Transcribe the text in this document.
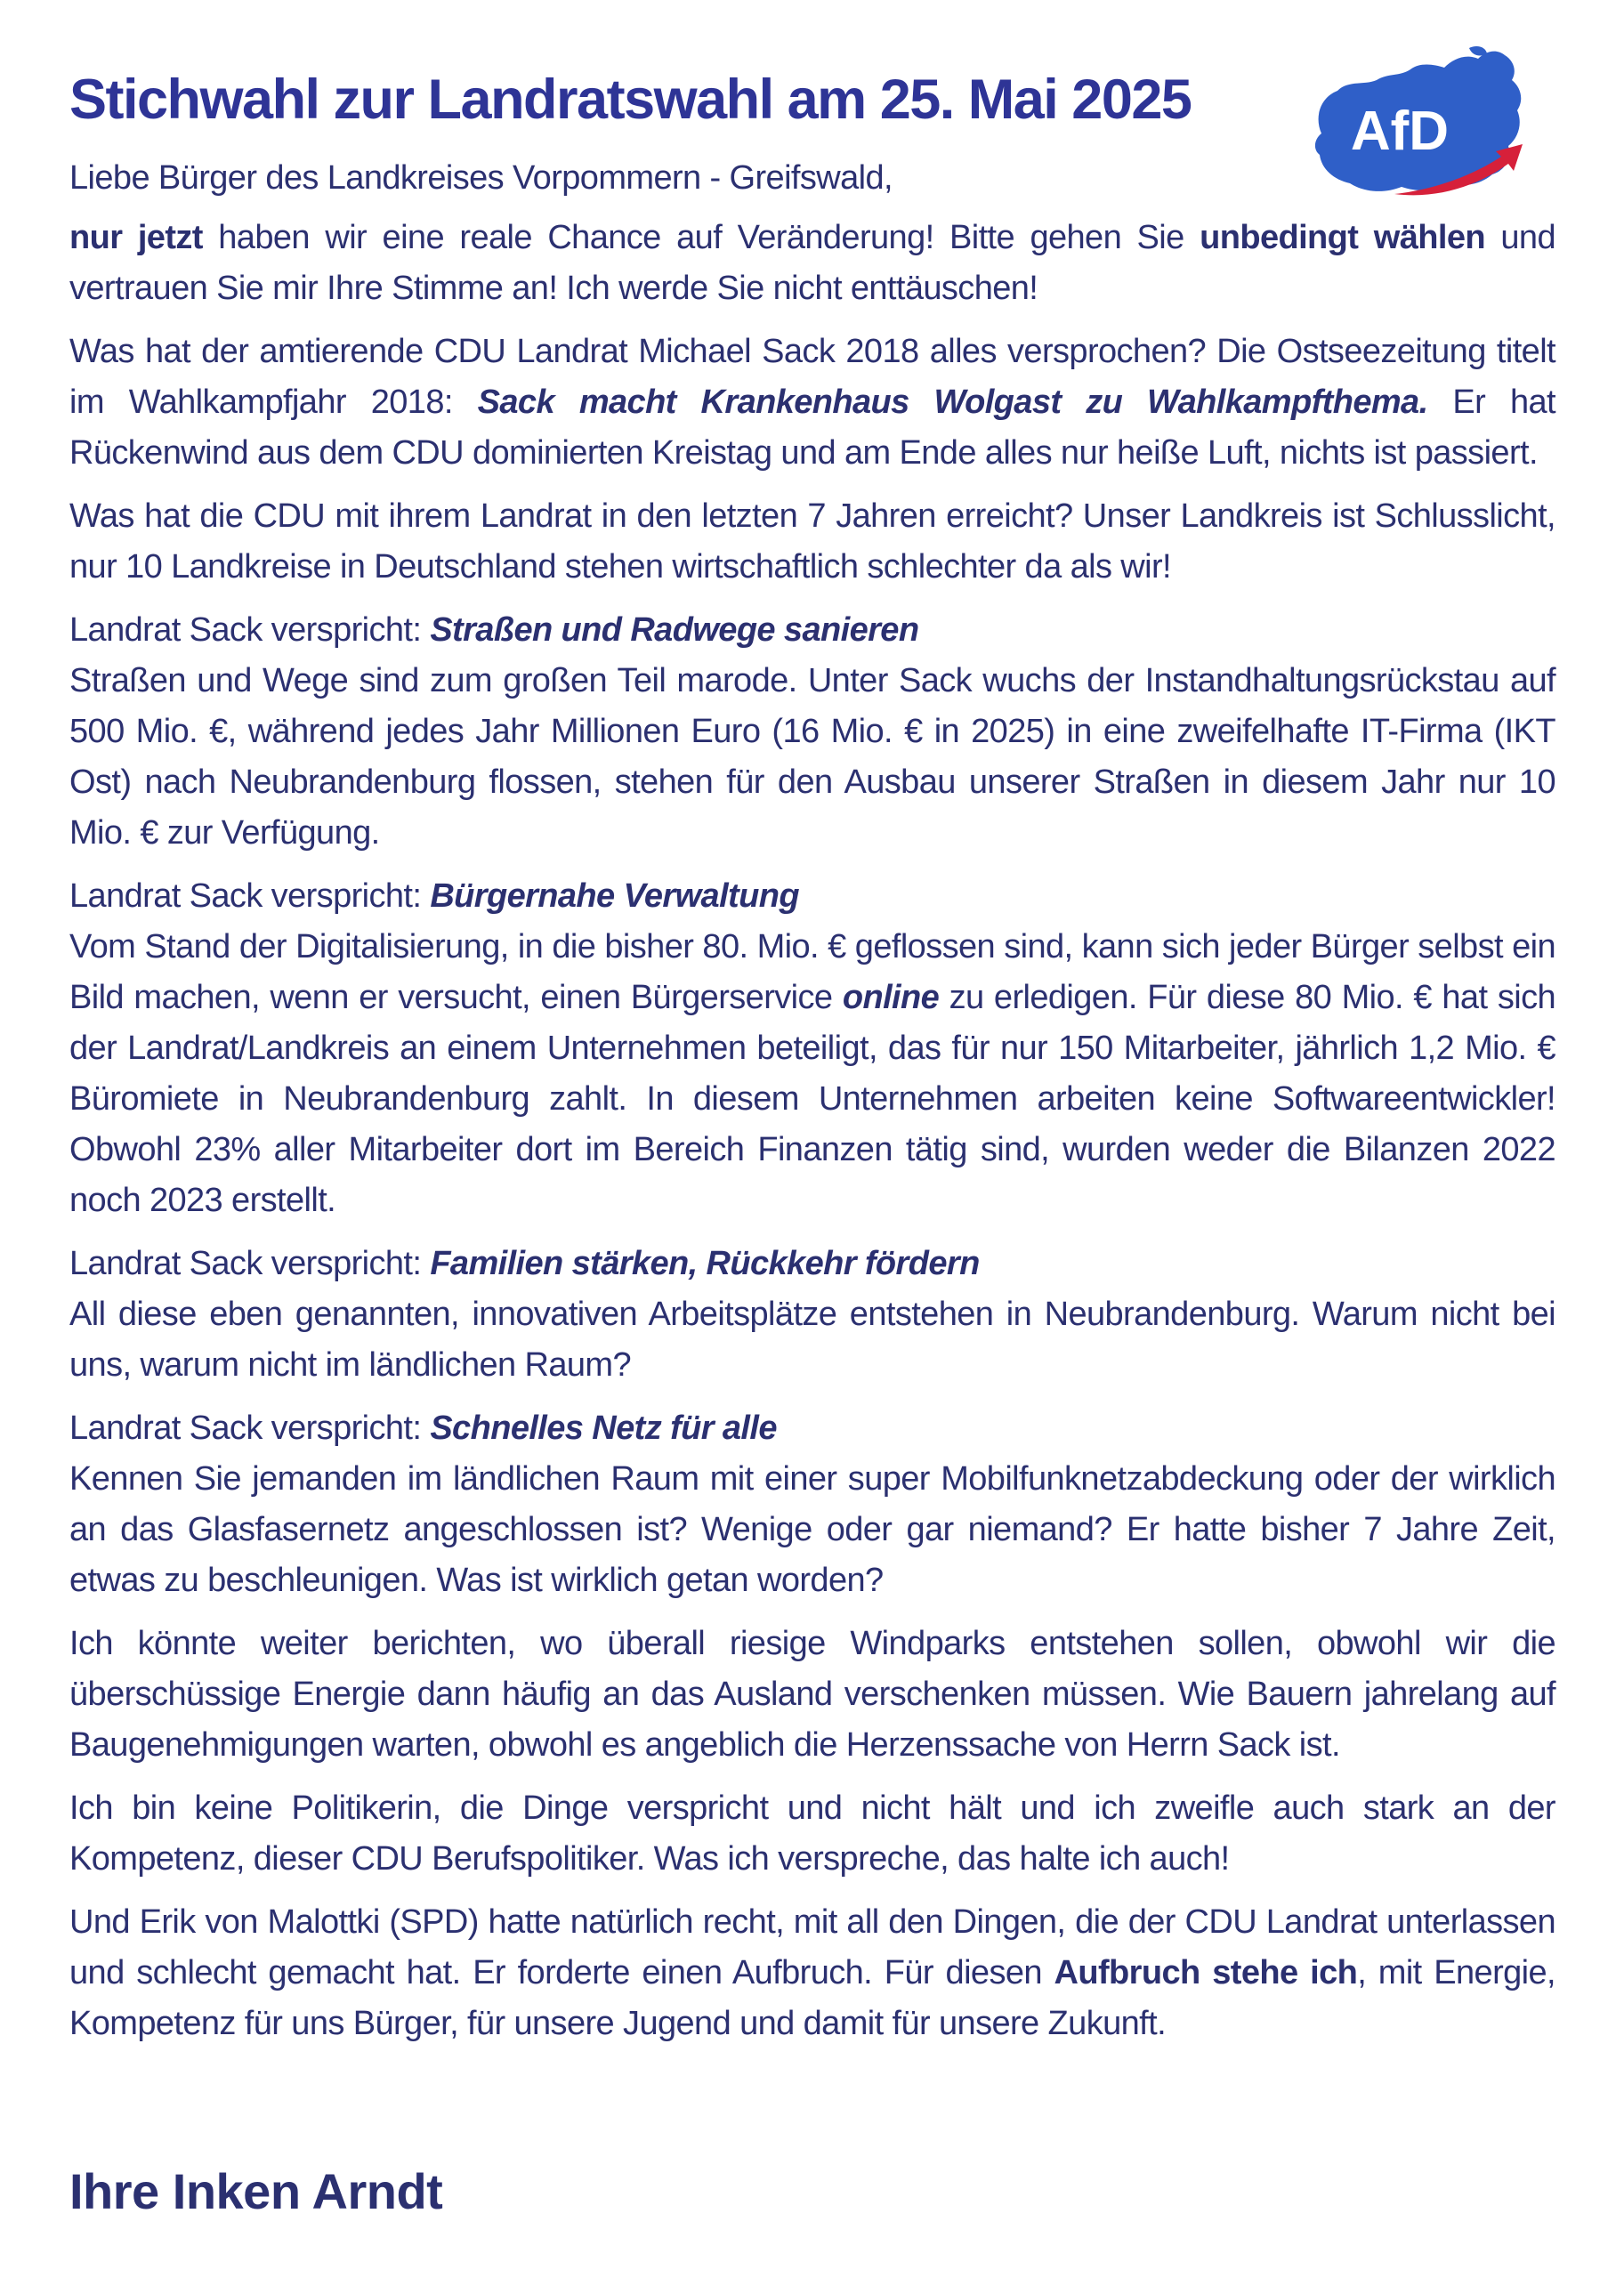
AfD
Stichwahl zur Landratswahl am 25. Mai 2025

Liebe Bürger des Landkreises Vorpommern - Greifswald,

nur jetzt haben wir eine reale Chance auf Veränderung! Bitte gehen Sie unbedingt wählen und vertrauen Sie mir Ihre Stimme an! Ich werde Sie nicht enttäuschen!

Was hat der amtierende CDU Landrat Michael Sack 2018 alles versprochen? Die Ostseezeitung titelt im Wahlkampfjahr 2018: Sack macht Krankenhaus Wolgast zu Wahlkampfthema. Er hat Rückenwind aus dem CDU dominierten Kreistag und am Ende alles nur heiße Luft, nichts ist passiert.

Was hat die CDU mit ihrem Landrat in den letzten 7 Jahren erreicht? Unser Landkreis ist Schlusslicht, nur 10 Landkreise in Deutschland stehen wirtschaftlich schlechter da als wir!

Landrat Sack verspricht: Straßen und Radwege sanieren
Straßen und Wege sind zum großen Teil marode. Unter Sack wuchs der Instandhaltungsrückstau auf 500 Mio. €, während jedes Jahr Millionen Euro (16 Mio. € in 2025) in eine zweifelhafte IT-Firma (IKT Ost) nach Neubrandenburg flossen, stehen für den Ausbau unserer Straßen in diesem Jahr nur 10 Mio. € zur Verfügung.

Landrat Sack verspricht: Bürgernahe Verwaltung
Vom Stand der Digitalisierung, in die bisher 80. Mio. € geflossen sind, kann sich jeder Bürger selbst ein Bild machen, wenn er versucht, einen Bürgerservice online zu erledigen. Für diese 80 Mio. € hat sich der Landrat/Landkreis an einem Unternehmen beteiligt, das für nur 150 Mitarbeiter, jährlich 1,2 Mio. € Büromiete in Neubrandenburg zahlt. In diesem Unternehmen arbeiten keine Softwareentwickler! Obwohl 23% aller Mitarbeiter dort im Bereich Finanzen tätig sind, wurden weder die Bilanzen 2022 noch 2023 erstellt.

Landrat Sack verspricht: Familien stärken, Rückkehr fördern
All diese eben genannten, innovativen Arbeitsplätze entstehen in Neubrandenburg. Warum nicht bei uns, warum nicht im ländlichen Raum?

Landrat Sack verspricht: Schnelles Netz für alle
Kennen Sie jemanden im ländlichen Raum mit einer super Mobilfunknetzabdeckung oder der wirklich an das Glasfasernetz angeschlossen ist? Wenige oder gar niemand? Er hatte bisher 7 Jahre Zeit, etwas zu beschleunigen. Was ist wirklich getan worden?

Ich könnte weiter berichten, wo überall riesige Windparks entstehen sollen, obwohl wir die überschüssige Energie dann häufig an das Ausland verschenken müssen. Wie Bauern jahrelang auf Baugenehmigungen warten, obwohl es angeblich die Herzenssache von Herrn Sack ist.

Ich bin keine Politikerin, die Dinge verspricht und nicht hält und ich zweifle auch stark an der Kompetenz, dieser CDU Berufspolitiker. Was ich verspreche, das halte ich auch!

Und Erik von Malottki (SPD) hatte natürlich recht, mit all den Dingen, die der CDU Landrat unterlassen und schlecht gemacht hat. Er forderte einen Aufbruch. Für diesen Aufbruch stehe ich, mit Energie, Kompetenz für uns Bürger, für unsere Jugend und damit für unsere Zukunft.

Ihre Inken Arndt
